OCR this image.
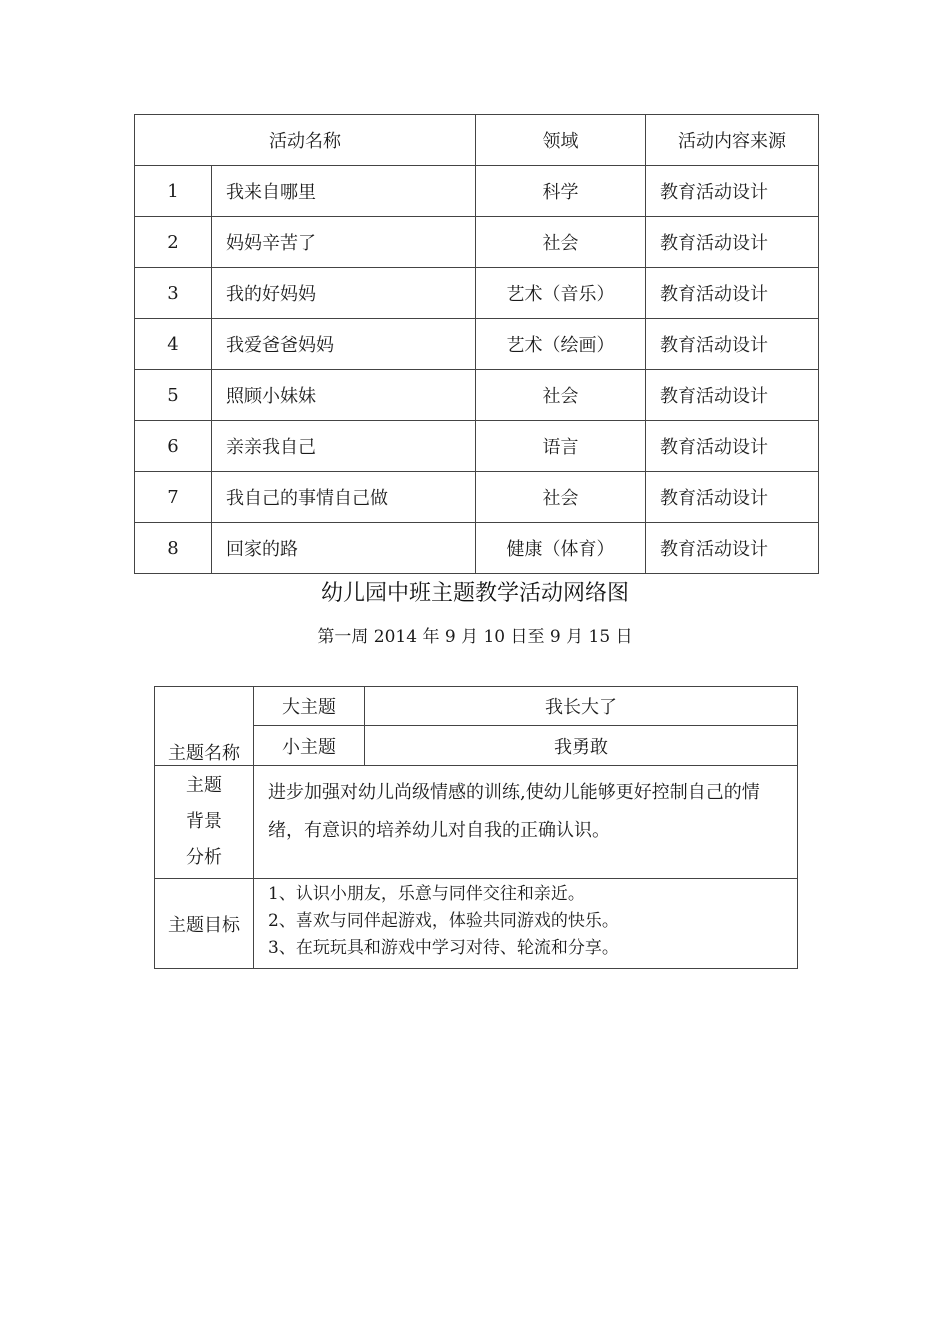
活动名称		领域	活动内容来源
1	我来自哪里	科学	教育活动设计
2	妈妈辛苦了	社会	教育活动设计
3	我的好妈妈	艺术（音乐）	教育活动设计
4	我爱爸爸妈妈	艺术（绘画）	教育活动设计
5	照顾小妹妹	社会	教育活动设计
6	亲亲我自己	语言	教育活动设计
7	我自己的事情自己做	社会	教育活动设计
8	回家的路	健康（体育）	教育活动设计
幼儿园中班主题教学活动网络图
第一周 2014 年 9 月 10 日至 9 月 15 日
主题名称	大主题	我长大了
	小主题	我勇敢

主题
背景
分析	进步加强对幼儿尚级情感的训练,使幼儿能够更好控制自己的情绪，有意识的培养幼儿对自我的正确认识。	
主题目标	1、认识小朋友，乐意与同伴交往和亲近。
2、喜欢与同伴起游戏，体验共同游戏的快乐。
3、在玩玩具和游戏中学习对待、轮流和分享。	
